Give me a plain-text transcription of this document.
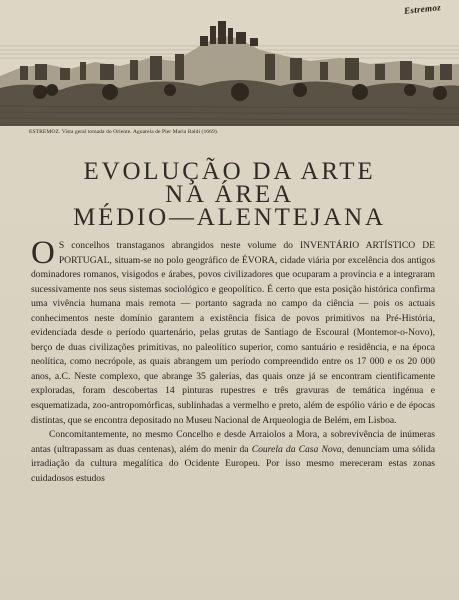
Estremoz
ESTREMOZ. Vista geral tomada do Oriente. Aguarela de Pier Maria Baldi (1669).
EVOLUÇÃO DA ARTE
NA ÁREA
MÉDIO—ALENTEJANA

O S concelhos transtaganos abrangidos neste volume do INVENTÁRIO ARTÍSTICO DE PORTUGAL, situam-se no polo geográfico de ÉVORA, cidade viária por excelência dos antigos dominadores romanos, visigodos e árabes, povos civilizadores que ocuparam a província e a integraram sucessivamente nos seus sistemas sociológico e geopolítico. É certo que esta posição histórica confirma uma vivência humana mais remota — portanto sagrada no campo da ciência — pois os actuais conhecimentos neste domínio garantem a existência física de povos primitivos na Pré-História, evidenciada desde o período quartenário, pelas grutas de Santiago de Escoural (Montemor-o-Novo), berço de duas civilizações primitivas, no paleolítico superior, como santuário e residência, e na época neolítica, como necrópole, as quais abrangem um período compreendido entre os 17 000 e os 20 000 anos, a.C. Neste complexo, que abrange 35 galerias, das quais onze já se encontram cientificamente exploradas, foram descobertas 14 pinturas rupestres e três gravuras de temática ingénua e esquematizada, zoo-antropomórficas, sublinhadas a vermelho e preto, além de espólio vário e de épocas distintas, que se encontra depositado no Museu Nacional de Arqueologia de Belém, em Lisboa.

Concomitantemente, no mesmo Concelho e desde Arraiolos a Mora, a sobrevivência de inúmeras antas (ultrapassam as duas centenas), além do menir da Courela da Casa Nova, denunciam uma sólida irradiação da cultura megalítica do Ocidente Europeu. Por isso mesmo mereceram estas zonas cuidadosos estudos
